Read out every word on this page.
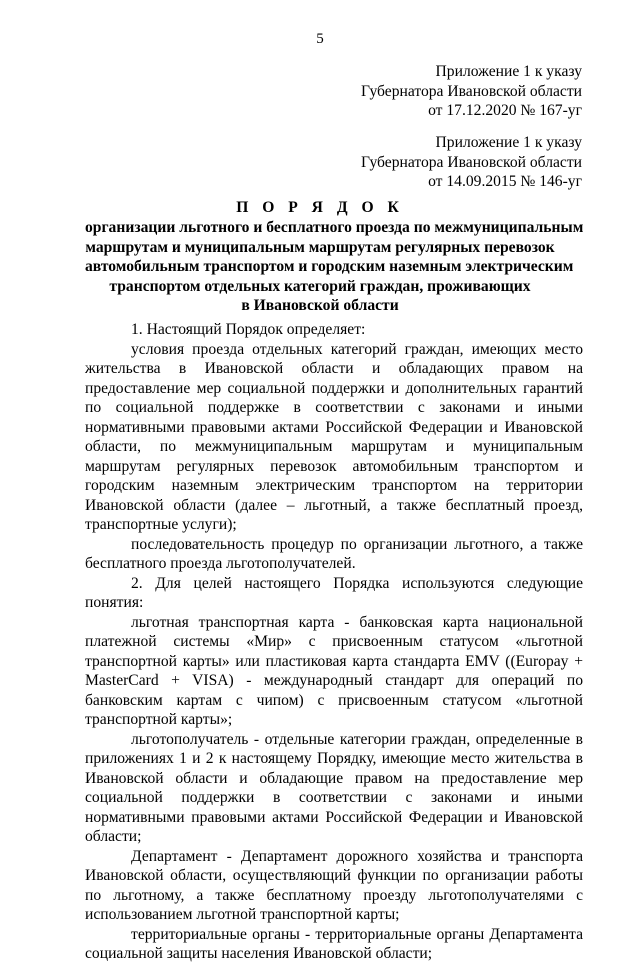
5
Приложение 1 к указу
Губернатора Ивановской области
от 17.12.2020 № 167-уг
Приложение 1 к указу
Губернатора Ивановской области
от 14.09.2015 № 146-уг
П О Р Я Д О К
организации льготного и бесплатного проезда по межмуниципальным
маршрутам и муниципальным маршрутам регулярных перевозок
автомобильным транспортом и городским наземным электрическим
транспортом отдельных категорий граждан, проживающих
в Ивановской области

1. Настоящий Порядок определяет:

условия проезда отдельных категорий граждан, имеющих место жительства в Ивановской области и обладающих правом на предоставление мер социальной поддержки и дополнительных гарантий по социальной поддержке в соответствии с законами и иными нормативными правовыми актами Российской Федерации и Ивановской области, по межмуниципальным маршрутам и муниципальным маршрутам регулярных перевозок автомобильным транспортом и городским наземным электрическим транспортом на территории Ивановской области (далее – льготный, а также бесплатный проезд, транспортные услуги);

последовательность процедур по организации льготного, а также бесплатного проезда льготополучателей.

2. Для целей настоящего Порядка используются следующие понятия:

льготная транспортная карта - банковская карта национальной платежной системы «Мир» с присвоенным статусом «льготной транспортной карты» или пластиковая карта стандарта EMV ((Europay + MasterCard + VISA) - международный стандарт для операций по банковским картам с чипом) с присвоенным статусом «льготной транспортной карты»;

льготополучатель - отдельные категории граждан, определенные в приложениях 1 и 2 к настоящему Порядку, имеющие место жительства в Ивановской области и обладающие правом на предоставление мер социальной поддержки в соответствии с законами и иными нормативными правовыми актами Российской Федерации и Ивановской области;

Департамент - Департамент дорожного хозяйства и транспорта Ивановской области, осуществляющий функции по организации работы по льготному, а также бесплатному проезду льготополучателями с использованием льготной транспортной карты;

территориальные органы - территориальные органы Департамента социальной защиты населения Ивановской области;
